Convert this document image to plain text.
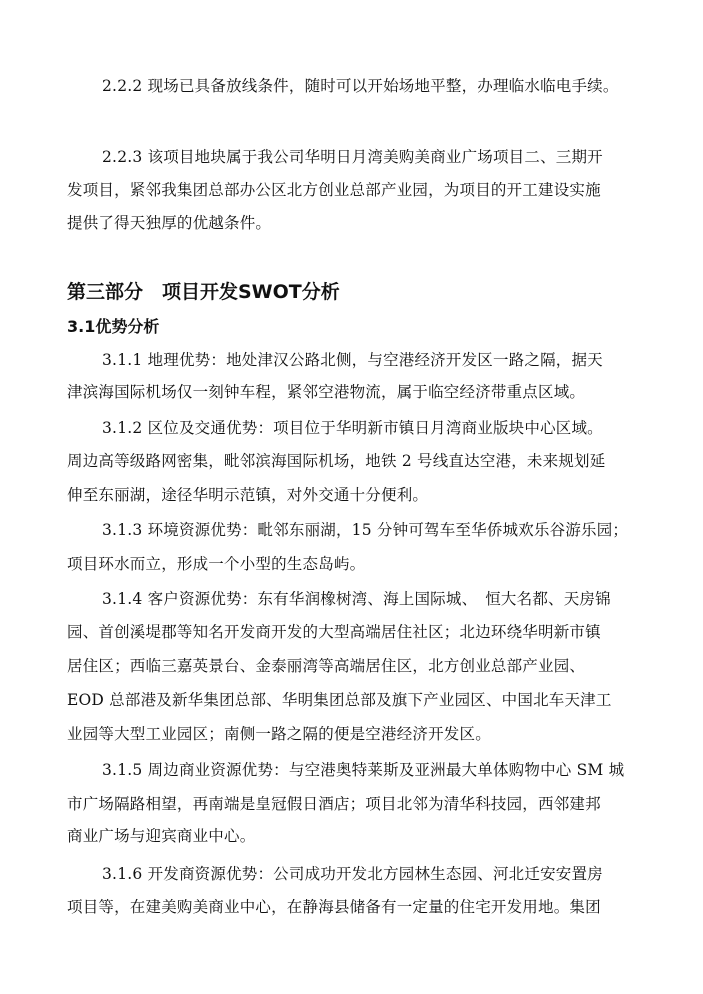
2.2.2 现场已具备放线条件，随时可以开始场地平整，办理临水临电手续。
2.2.3 该项目地块属于我公司华明日月湾美购美商业广场项目二、三期开
发项目，紧邻我集团总部办公区北方创业总部产业园，为项目的开工建设实施
提供了得天独厚的优越条件。
第三部分　项目开发SWOT分析
3.1优势分析
3.1.1 地理优势：地处津汉公路北侧，与空港经济开发区一路之隔，据天
津滨海国际机场仅一刻钟车程，紧邻空港物流，属于临空经济带重点区域。
3.1.2 区位及交通优势：项目位于华明新市镇日月湾商业版块中心区域。
周边高等级路网密集，毗邻滨海国际机场，地铁 2 号线直达空港，未来规划延
伸至东丽湖，途径华明示范镇，对外交通十分便利。
3.1.3 环境资源优势：毗邻东丽湖，15 分钟可驾车至华侨城欢乐谷游乐园；
项目环水而立，形成一个小型的生态岛屿。
3.1.4 客户资源优势：东有华润橡树湾、海上国际城、　恒大名都、天房锦
园、首创溪堤郡等知名开发商开发的大型高端居住社区；北边环绕华明新市镇
居住区；西临三嘉英景台、金泰丽湾等高端居住区，北方创业总部产业园、
EOD 总部港及新华集团总部、华明集团总部及旗下产业园区、中国北车天津工
业园等大型工业园区；南侧一路之隔的便是空港经济开发区。
3.1.5 周边商业资源优势：与空港奥特莱斯及亚洲最大单体购物中心 SM 城
市广场隔路相望，再南端是皇冠假日酒店；项目北邻为清华科技园，西邻建邦
商业广场与迎宾商业中心。
3.1.6 开发商资源优势：公司成功开发北方园林生态园、河北迁安安置房
项目等，在建美购美商业中心，在静海县储备有一定量的住宅开发用地。集团
